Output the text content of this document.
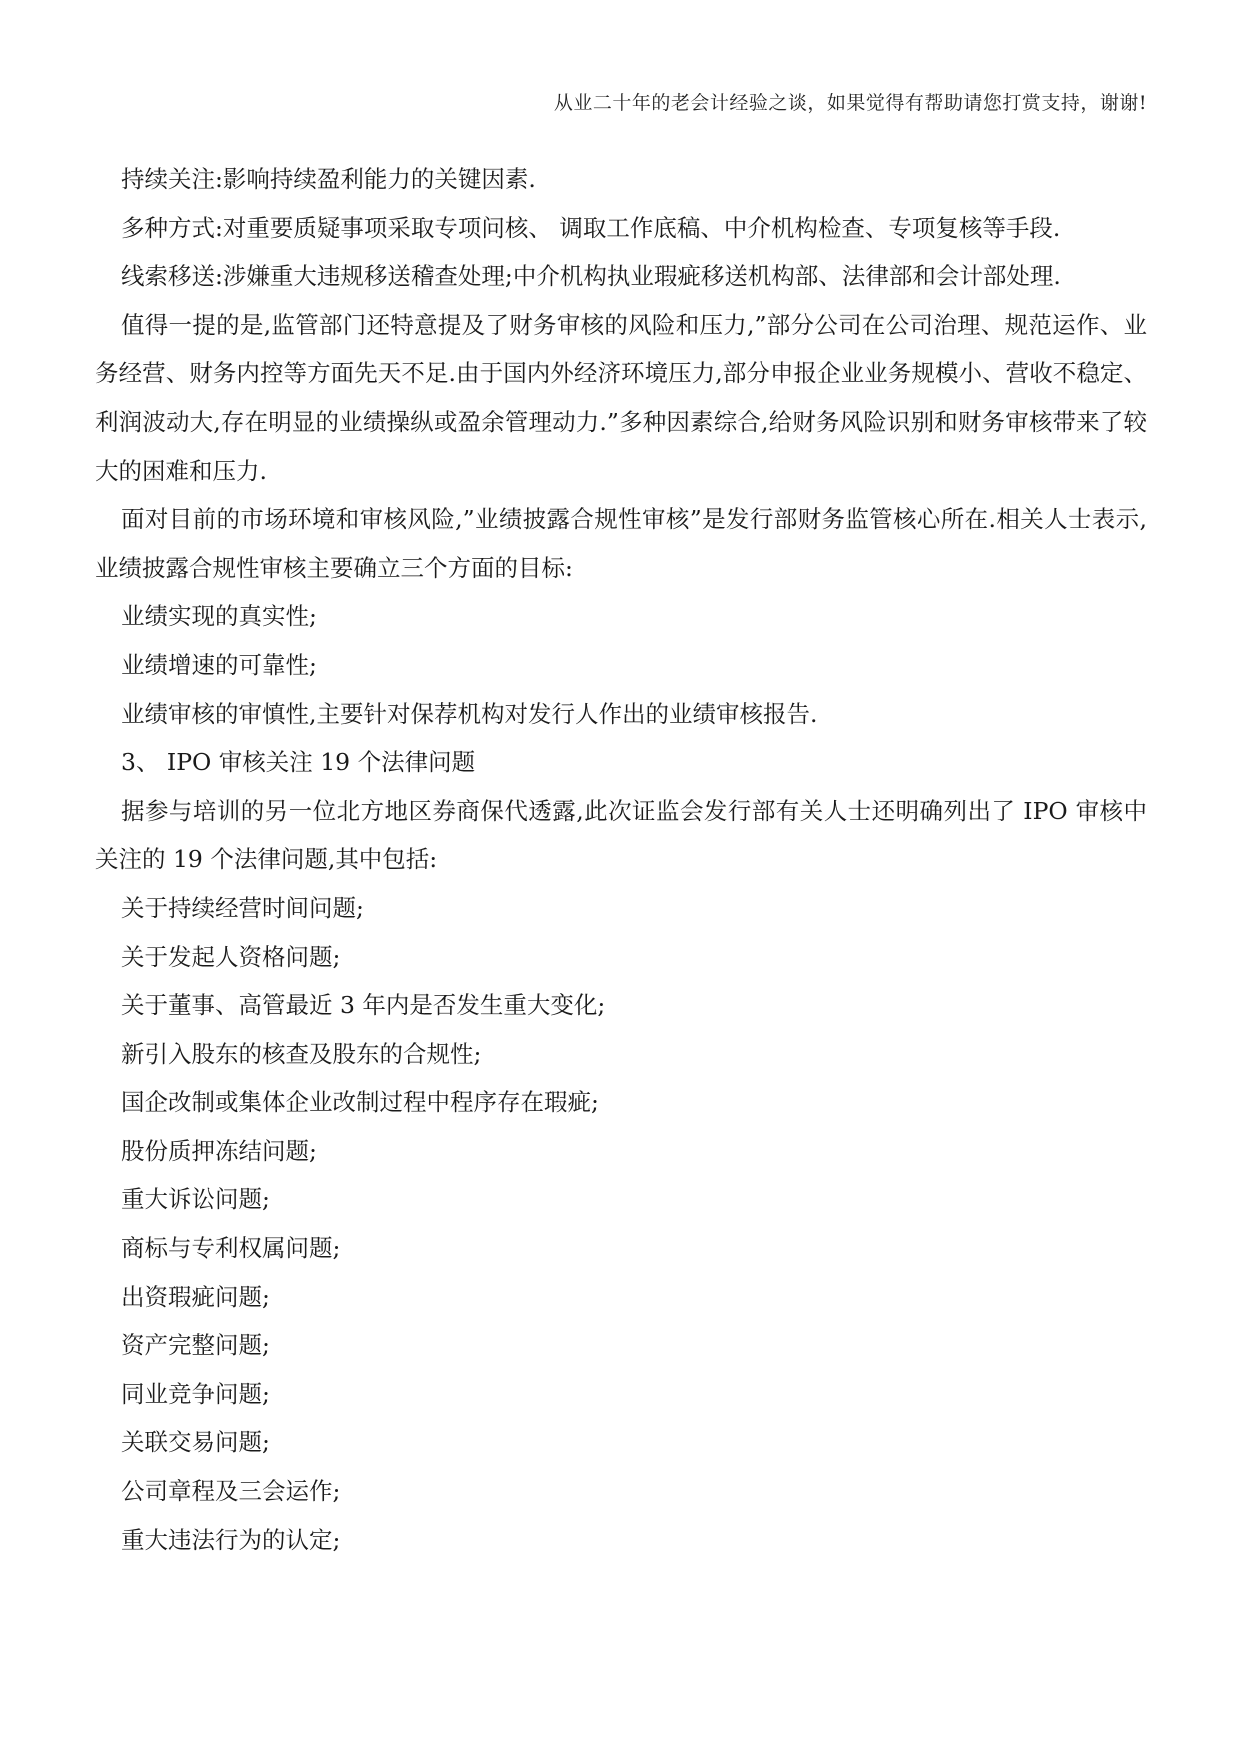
从业二十年的老会计经验之谈，如果觉得有帮助请您打赏支持，谢谢!

持续关注:影响持续盈利能力的关键因素.

多种方式:对重要质疑事项采取专项问核、 调取工作底稿、中介机构检查、专项复核等手段.

线索移送:涉嫌重大违规移送稽查处理;中介机构执业瑕疵移送机构部、法律部和会计部处理.

值得一提的是,监管部门还特意提及了财务审核的风险和压力,”部分公司在公司治理、规范运作、业务经营、财务内控等方面先天不足.由于国内外经济环境压力,部分申报企业业务规模小、营收不稳定、利润波动大,存在明显的业绩操纵或盈余管理动力.”多种因素综合,给财务风险识别和财务审核带来了较大的困难和压力.

面对目前的市场环境和审核风险,”业绩披露合规性审核”是发行部财务监管核心所在.相关人士表示,业绩披露合规性审核主要确立三个方面的目标:

业绩实现的真实性;

业绩增速的可靠性;

业绩审核的审慎性,主要针对保荐机构对发行人作出的业绩审核报告.

3、 IPO 审核关注 19 个法律问题

据参与培训的另一位北方地区券商保代透露,此次证监会发行部有关人士还明确列出了 IPO 审核中关注的 19 个法律问题,其中包括:

关于持续经营时间问题;

关于发起人资格问题;

关于董事、高管最近 3 年内是否发生重大变化;

新引入股东的核查及股东的合规性;

国企改制或集体企业改制过程中程序存在瑕疵;

股份质押冻结问题;

重大诉讼问题;

商标与专利权属问题;

出资瑕疵问题;

资产完整问题;

同业竞争问题;

关联交易问题;

公司章程及三会运作;

重大违法行为的认定;
